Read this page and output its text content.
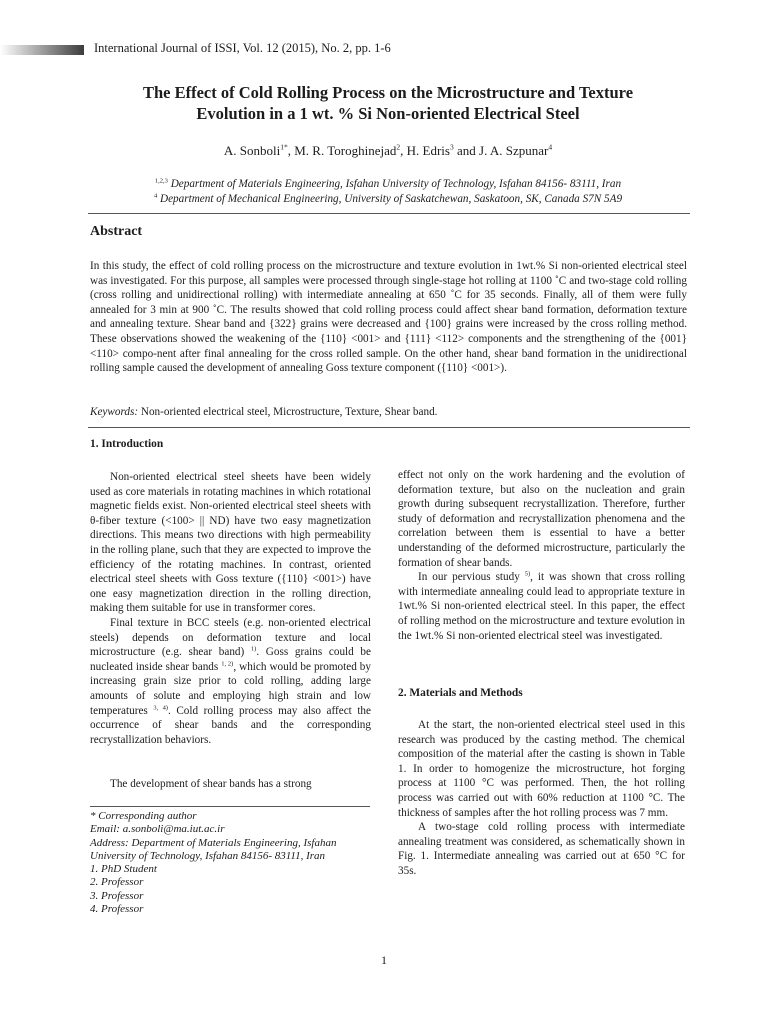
International Journal of ISSI, Vol. 12 (2015), No. 2, pp. 1-6
The Effect of Cold Rolling Process on the Microstructure and Texture
Evolution in a 1 wt. % Si Non-oriented Electrical Steel
A. Sonboli$^{1*}$, M. R. Toroghinejad$^2$, H. Edris$^3$ and J. A. Szpunar$^4$
$^{1,2,3}$ Department of Materials Engineering, Isfahan University of Technology, Isfahan 84156- 83111, Iran
$^4$ Department of Mechanical Engineering, University of Saskatchewan, Saskatoon, SK, Canada S7N 5A9
Abstract
In this study, the effect of cold rolling process on the microstructure and texture evolution in 1wt.% Si non-oriented electrical steel was investigated. For this purpose, all samples were processed through single-stage hot rolling at 1100 ˚C and two-stage cold rolling (cross rolling and unidirectional rolling) with intermediate annealing at 650 ˚C for 35 seconds. Finally, all of them were fully annealed for 3 min at 900 ˚C. The results showed that cold rolling process could affect shear band formation, deformation texture and annealing texture. Shear band and {322} grains were decreased and {100} grains were increased by the cross rolling method. These observations showed the weakening of the {110} <001> and {111} <112> components and the strengthening of the {001} <110> compo-nent after final annealing for the cross rolled sample. On the other hand, shear band formation in the unidirectional rolling sample caused the development of annealing Goss texture component ({110} <001>).
Keywords: Non-oriented electrical steel, Microstructure, Texture, Shear band.
1. Introduction

Non-oriented electrical steel sheets have been widely used as core materials in rotating machines in which rotational magnetic fields exist. Non-oriented electrical steel sheets with θ-fiber texture (<100> || ND) have two easy magnetization directions. This means two directions with high permeability in the rolling plane, such that they are expected to improve the efficiency of the rotating machines. In contrast, oriented electrical steel sheets with Goss texture ({110} <001>) have one easy magnetization direction in the rolling direction, making them suitable for use in transformer cores.

Final texture in BCC steels (e.g. non-oriented electrical steels) depends on deformation texture and local microstructure (e.g. shear band) $^{1)}$. Goss grains could be nucleated inside shear bands $^{1, 2)}$, which would be promoted by increasing grain size prior to cold rolling, adding large amounts of solute and employing high strain and low temperatures $^{3, 4)}$. Cold rolling process may also affect the occurrence of shear bands and the corresponding recrystallization behaviors.

The development of shear bands has a strong

effect not only on the work hardening and the evolution of deformation texture, but also on the nucleation and grain growth during subsequent recrystallization. Therefore, further study of deformation and recrystallization phenomena and the correlation between them is essential to have a better understanding of the deformed microstructure, particularly the formation of shear bands.

In our pervious study $^{5)}$, it was shown that cross rolling with intermediate annealing could lead to appropriate texture in 1wt.% Si non-oriented electrical steel. In this paper, the effect of rolling method on the microstructure and texture evolution in the 1wt.% Si non-oriented electrical steel was investigated.

2. Materials and Methods

At the start, the non-oriented electrical steel used in this research was produced by the casting method. The chemical composition of the material after the casting is shown in Table 1. In order to homogenize the microstructure, hot forging process at 1100 °C was performed. Then, the hot rolling process was carried out with 60% reduction at 1100 °C. The thickness of samples after the hot rolling process was 7 mm.

A two-stage cold rolling process with intermediate annealing treatment was considered, as schematically shown in Fig. 1. Intermediate annealing was carried out at 650 °C for 35s.

* Corresponding author
Email: a.sonboli@ma.iut.ac.ir
Address: Department of Materials Engineering, Isfahan University of Technology, Isfahan 84156- 83111, Iran
1. PhD Student
2. Professor
3. Professor
4. Professor
1
